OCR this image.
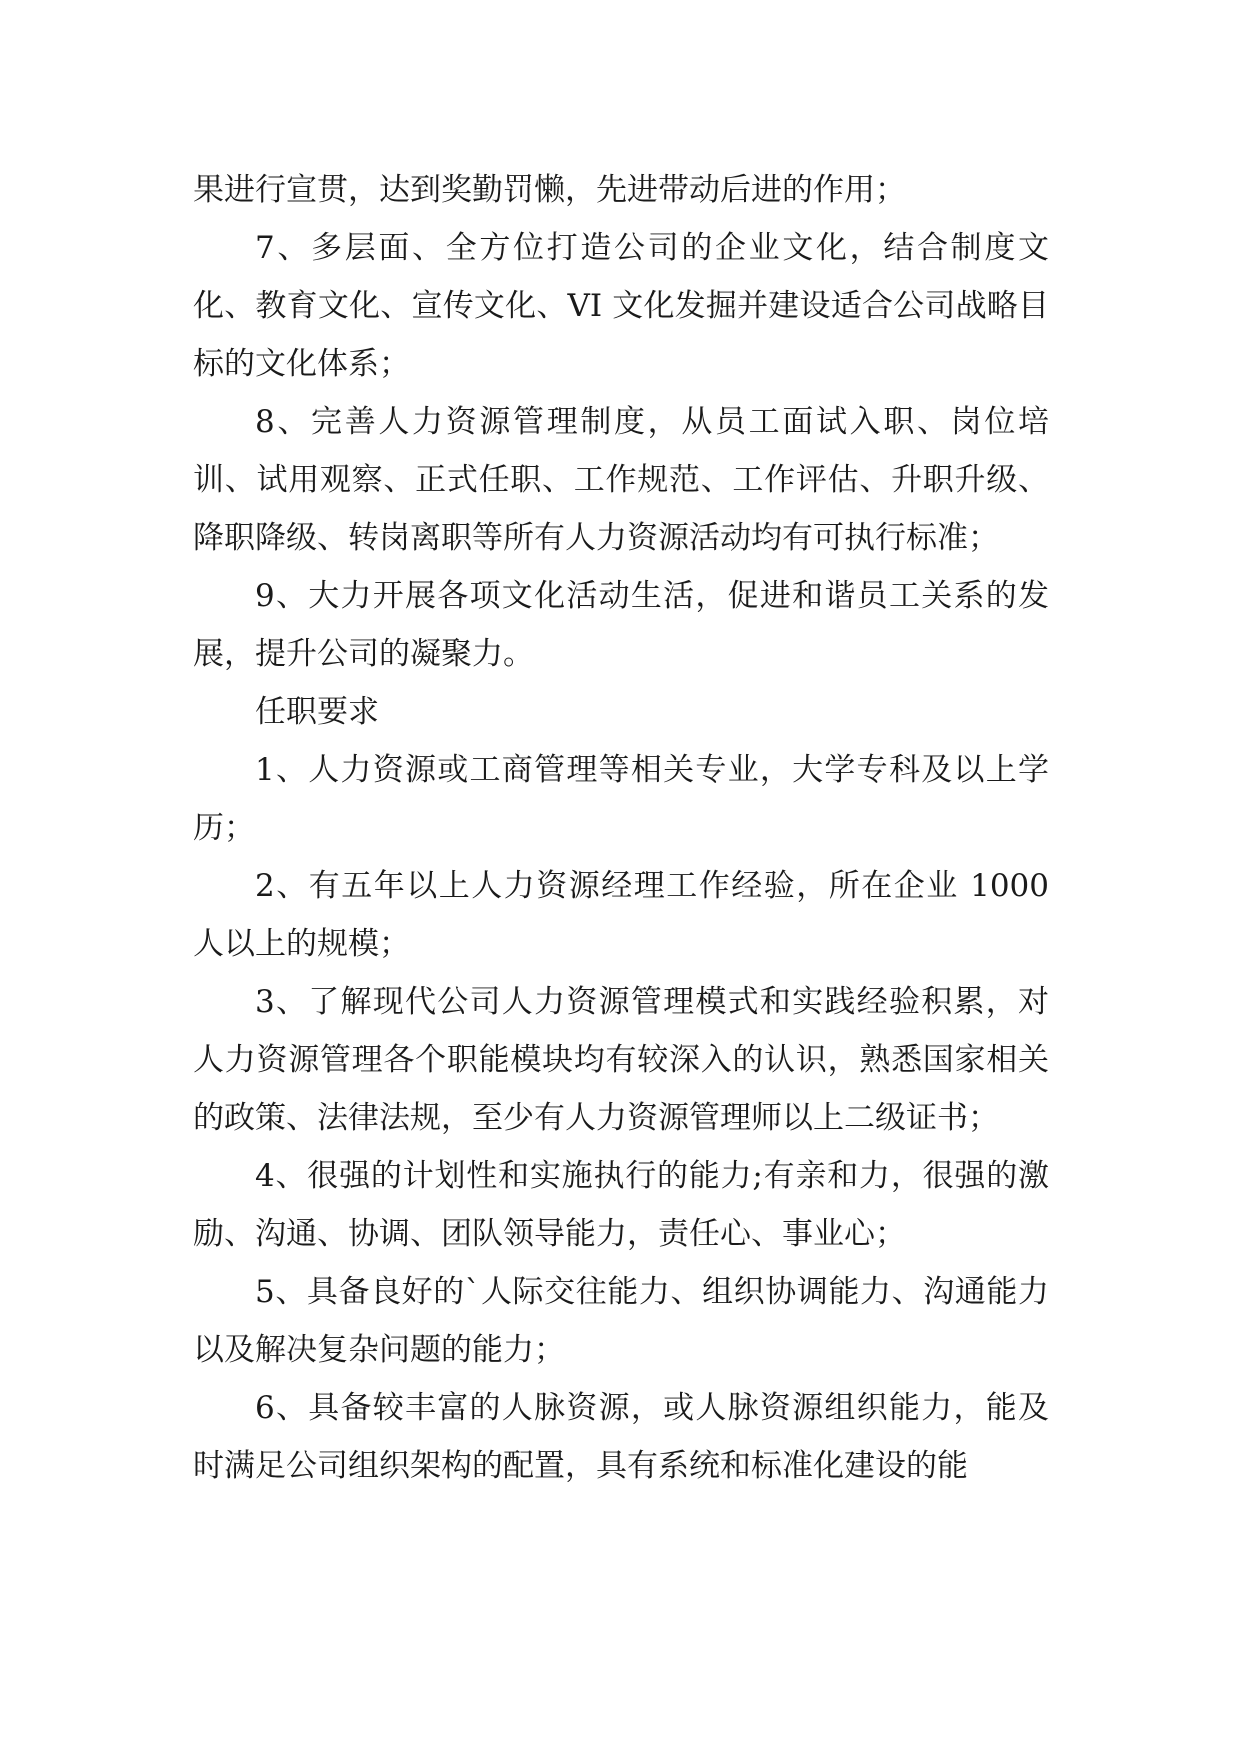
果进行宣贯，达到奖勤罚懒，先进带动后进的作用；

7、多层面、全方位打造公司的企业文化，结合制度文化、教育文化、宣传文化、VI 文化发掘并建设适合公司战略目标的文化体系；

8、完善人力资源管理制度，从员工面试入职、岗位培训、试用观察、正式任职、工作规范、工作评估、升职升级、降职降级、转岗离职等所有人力资源活动均有可执行标准；

9、大力开展各项文化活动生活，促进和谐员工关系的发展，提升公司的凝聚力。

任职要求

1、人力资源或工商管理等相关专业，大学专科及以上学历；

2、有五年以上人力资源经理工作经验，所在企业 1000 人以上的规模；

3、了解现代公司人力资源管理模式和实践经验积累，对人力资源管理各个职能模块均有较深入的认识，熟悉国家相关的政策、法律法规，至少有人力资源管理师以上二级证书；

4、很强的计划性和实施执行的能力;有亲和力，很强的激励、沟通、协调、团队领导能力，责任心、事业心；

5、具备良好的`人际交往能力、组织协调能力、沟通能力以及解决复杂问题的能力；

6、具备较丰富的人脉资源，或人脉资源组织能力，能及时满足公司组织架构的配置，具有系统和标准化建设的能
